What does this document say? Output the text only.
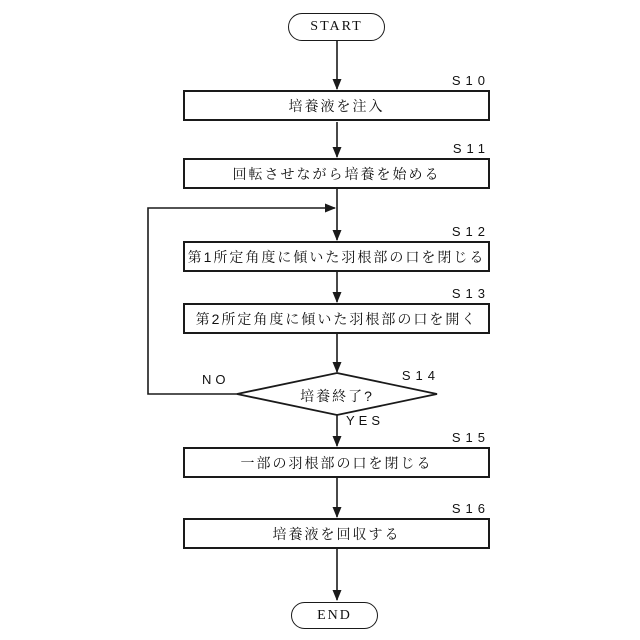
START
S10
培養液を注入
S11
回転させながら培養を始める
S12
第1所定角度に傾いた羽根部の口を閉じる
S13
第2所定角度に傾いた羽根部の口を開く
S14
培養終了?
NO
YES
S15
一部の羽根部の口を閉じる
S16
培養液を回収する
END
